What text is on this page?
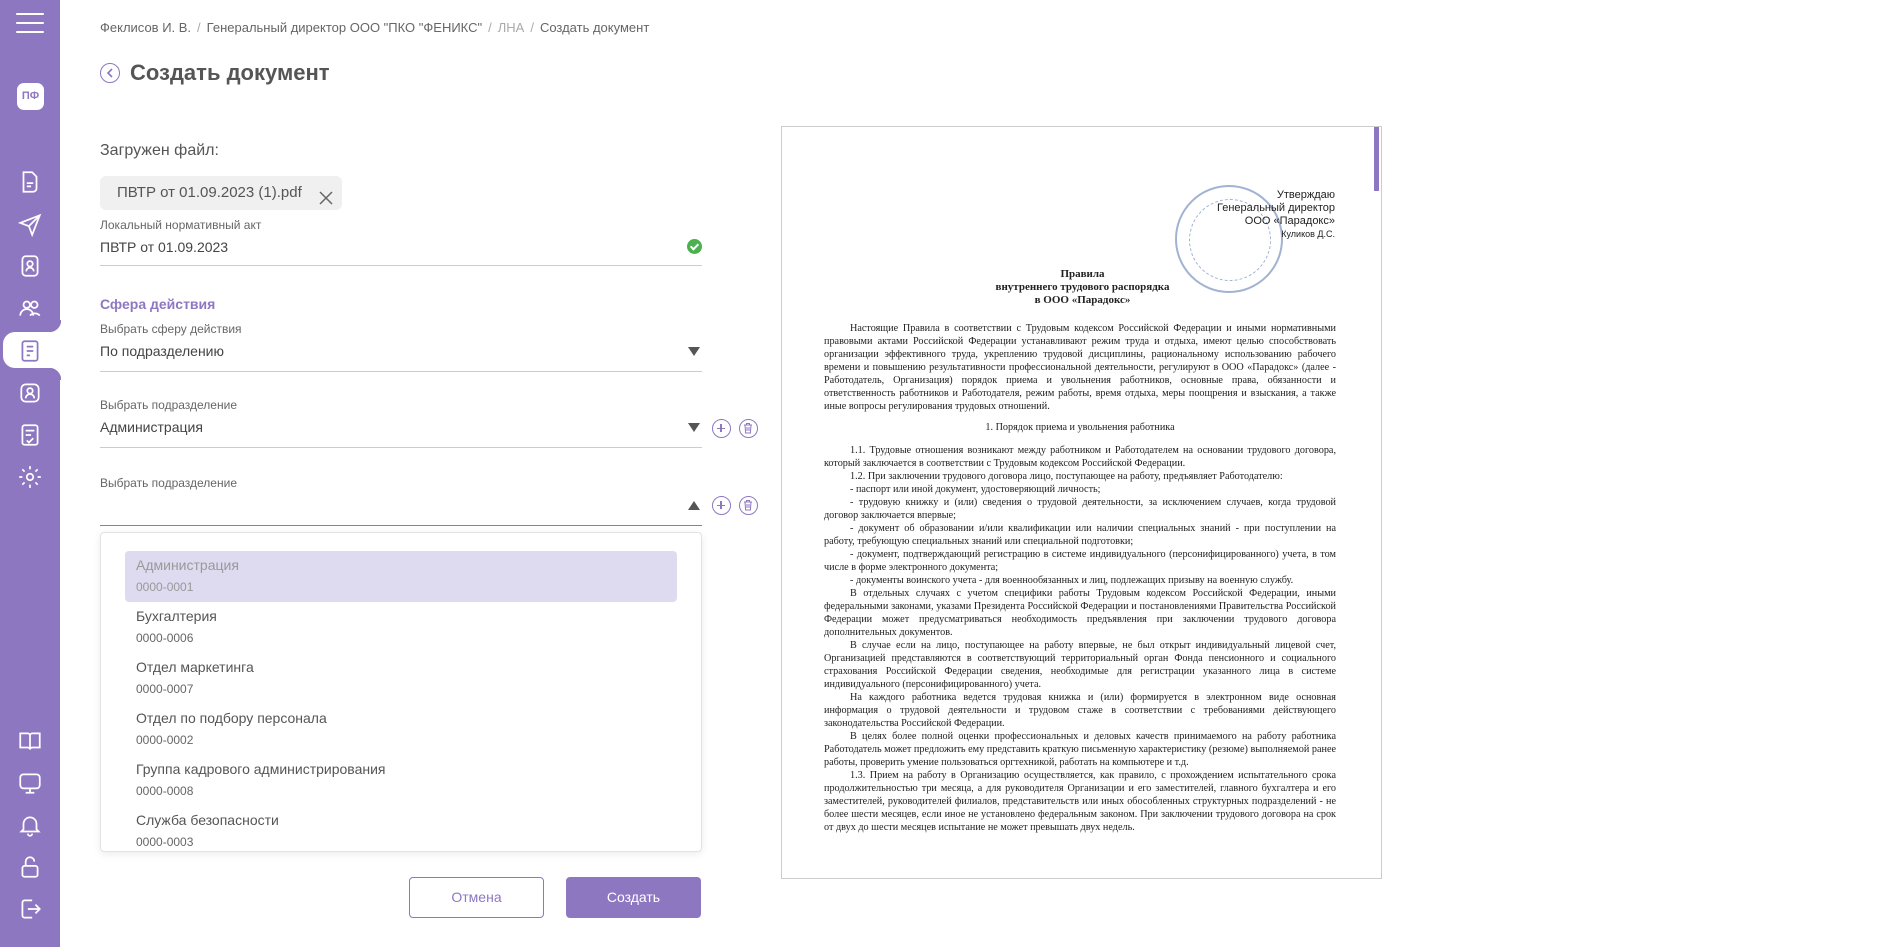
ПФ
Феклисов И. В. / Генеральный директор ООО "ПКО "ФЕНИКС" / ЛНА / Создать документ
Создать документ
Загружен файл:
ПВТР от 01.09.2023 (1).pdf
Локальный нормативный акт
ПВТР от 01.09.2023
Сфера действия
Выбрать сферу действия
По подразделению
Выбрать подразделение
Администрация
Выбрать подразделение
Администрация
0000-0001
Бухгалтерия
0000-0006
Отдел маркетинга
0000-0007
Отдел по подбору персонала
0000-0002
Группа кадрового администрирования
0000-0008
Служба безопасности
0000-0003
Отмена	Создать
Утверждаю
Генеральный директор
ООО «Парадокс»
Куликов Д.С.
Правила
внутреннего трудового распорядка
в ООО «Парадокс»

Настоящие Правила в соответствии с Трудовым кодексом Российской Федерации и иными нормативными правовыми актами Российской Федерации устанавливают режим труда и отдыха, имеют целью способствовать организации эффективного труда, укреплению трудовой дисциплины, рациональному использованию рабочего времени и повышению результативности профессиональной деятельности, регулируют в ООО «Парадокс» (далее - Работодатель, Организация) порядок приема и увольнения работников, основные права, обязанности и ответственность работников и Работодателя, режим работы, время отдыха, меры поощрения и взыскания, а также иные вопросы регулирования трудовых отношений.

1. Порядок приема и увольнения работника

1.1. Трудовые отношения возникают между работником и Работодателем на основании трудового договора, который заключается в соответствии с Трудовым кодексом Российской Федерации.

1.2. При заключении трудового договора лицо, поступающее на работу, предъявляет Работодателю:

- паспорт или иной документ, удостоверяющий личность;

- трудовую книжку и (или) сведения о трудовой деятельности, за исключением случаев, когда трудовой договор заключается впервые;

- документ об образовании и/или квалификации или наличии специальных знаний - при поступлении на работу, требующую специальных знаний или специальной подготовки;

- документ, подтверждающий регистрацию в системе индивидуального (персонифицированного) учета, в том числе в форме электронного документа;

- документы воинского учета - для военнообязанных и лиц, подлежащих призыву на военную службу.

В отдельных случаях с учетом специфики работы Трудовым кодексом Российской Федерации, иными федеральными законами, указами Президента Российской Федерации и постановлениями Правительства Российской Федерации может предусматриваться необходимость предъявления при заключении трудового договора дополнительных документов.

В случае если на лицо, поступающее на работу впервые, не был открыт индивидуальный лицевой счет, Организацией представляются в соответствующий территориальный орган Фонда пенсионного и социального страхования Российской Федерации сведения, необходимые для регистрации указанного лица в системе индивидуального (персонифицированного) учета.

На каждого работника ведется трудовая книжка и (или) формируется в электронном виде основная информация о трудовой деятельности и трудовом стаже в соответствии с требованиями действующего законодательства Российской Федерации.

В целях более полной оценки профессиональных и деловых качеств принимаемого на работу работника Работодатель может предложить ему представить краткую письменную характеристику (резюме) выполняемой ранее работы, проверить умение пользоваться оргтехникой, работать на компьютере и т.д.

1.3. Прием на работу в Организацию осуществляется, как правило, с прохождением испытательного срока продолжительностью три месяца, а для руководителя Организации и его заместителей, главного бухгалтера и его заместителей, руководителей филиалов, представительств или иных обособленных структурных подразделений - не более шести месяцев, если иное не установлено федеральным законом. При заключении трудового договора на срок от двух до шести месяцев испытание не может превышать двух недель.
